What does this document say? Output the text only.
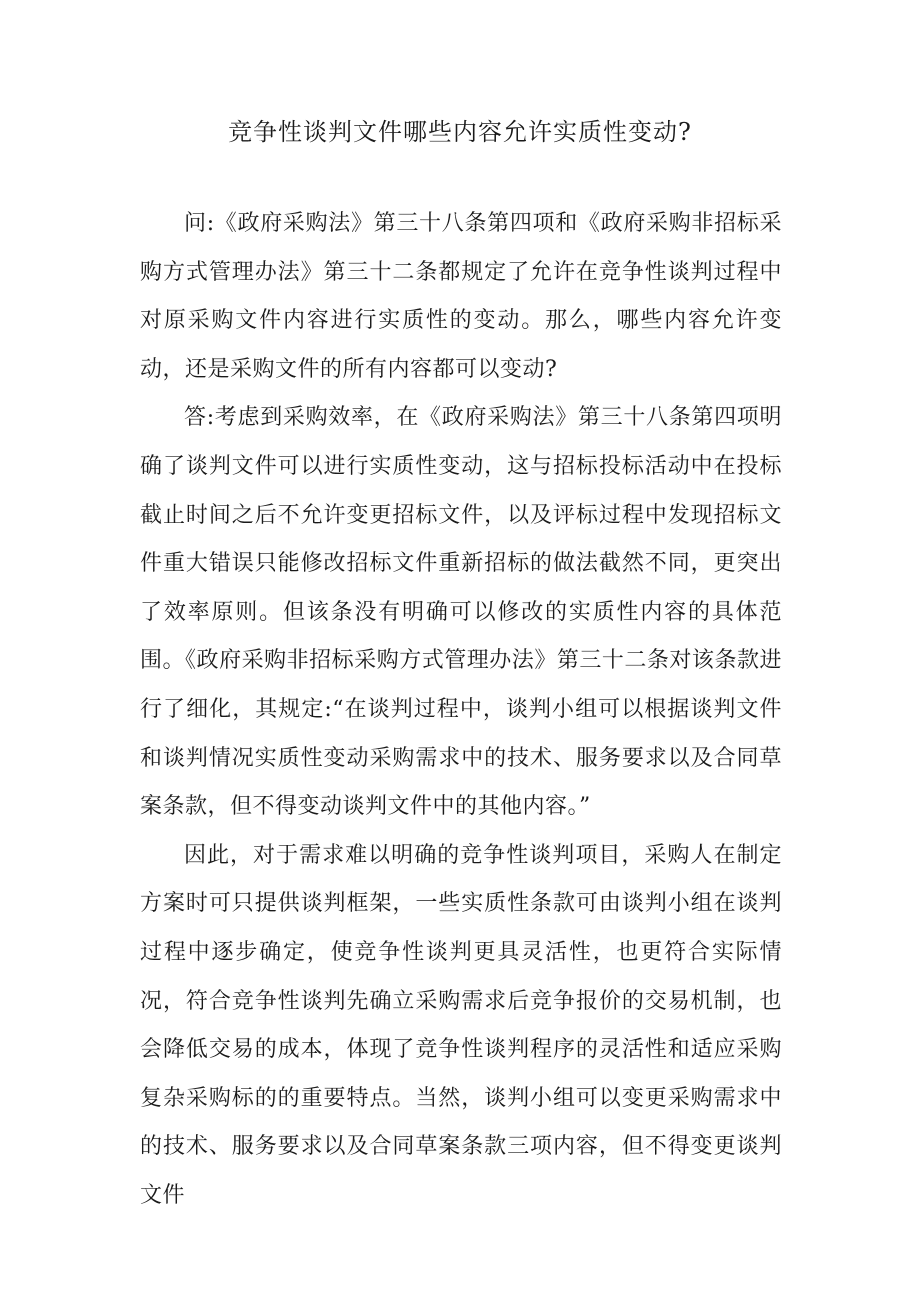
竞争性谈判文件哪些内容允许实质性变动?

问:《政府采购法》第三十八条第四项和《政府采购非招标采购方式管理办法》第三十二条都规定了允许在竞争性谈判过程中对原采购文件内容进行实质性的变动。那么，哪些内容允许变动，还是采购文件的所有内容都可以变动?

答:考虑到采购效率，在《政府采购法》第三十八条第四项明确了谈判文件可以进行实质性变动，这与招标投标活动中在投标截止时间之后不允许变更招标文件，以及评标过程中发现招标文件重大错误只能修改招标文件重新招标的做法截然不同，更突出了效率原则。但该条没有明确可以修改的实质性内容的具体范围。《政府采购非招标采购方式管理办法》第三十二条对该条款进行了细化，其规定:“在谈判过程中，谈判小组可以根据谈判文件和谈判情况实质性变动采购需求中的技术、服务要求以及合同草案条款，但不得变动谈判文件中的其他内容。”

因此，对于需求难以明确的竞争性谈判项目，采购人在制定方案时可只提供谈判框架，一些实质性条款可由谈判小组在谈判过程中逐步确定，使竞争性谈判更具灵活性，也更符合实际情况，符合竞争性谈判先确立采购需求后竞争报价的交易机制，也会降低交易的成本，体现了竞争性谈判程序的灵活性和适应采购复杂采购标的的重要特点。当然，谈判小组可以变更采购需求中的技术、服务要求以及合同草案条款三项内容，但不得变更谈判文件
